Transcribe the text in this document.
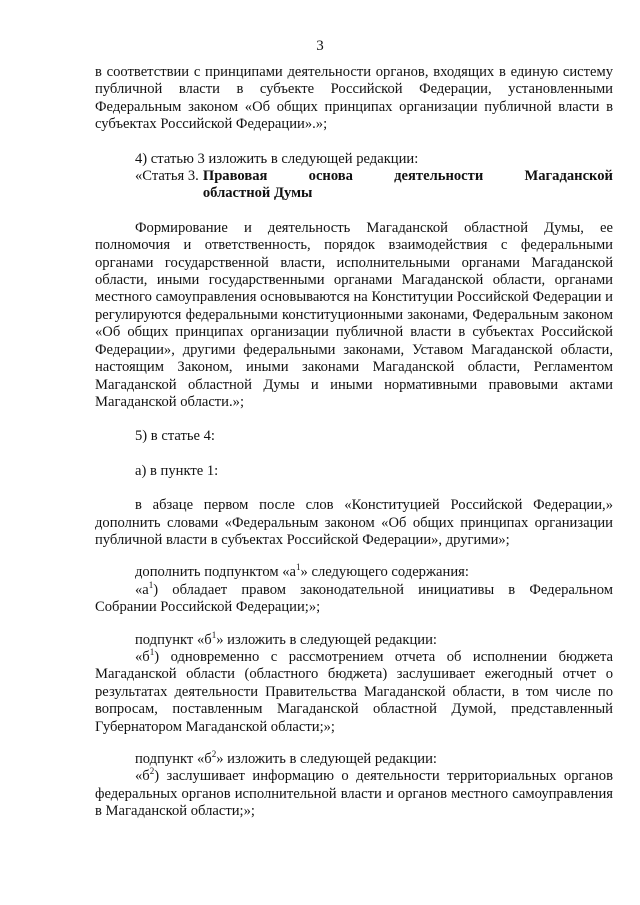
3

в соответствии с принципами деятельности органов, входящих в единую систему публичной власти в субъекте Российской Федерации, установленными Федеральным законом «Об общих принципах организации публичной власти в субъектах Российской Федерации».»;

4) статью 3 изложить в следующей редакции:

«Статья 3. Правовая	основа	деятельности	Магаданской
областной Думы

Формирование и деятельность Магаданской областной Думы, ее полномочия и ответственность, порядок взаимодействия с федеральными органами государственной власти, исполнительными органами Магаданской области, иными государственными органами Магаданской области, органами местного самоуправления основываются на Конституции Российской Федерации и регулируются федеральными конституционными законами, Федеральным законом «Об общих принципах организации публичной власти в субъектах Российской Федерации», другими федеральными законами, Уставом Магаданской области, настоящим Законом, иными законами Магаданской области, Регламентом Магаданской областной Думы и иными нормативными правовыми актами Магаданской области.»;

5) в статье 4:

а) в пункте 1:

в абзаце первом после слов «Конституцией Российской Федерации,» дополнить словами «Федеральным законом «Об общих принципах организации публичной власти в субъектах Российской Федерации», другими»;

дополнить подпунктом «$а^1$» следующего содержания:

«$а^1$) обладает правом законодательной инициативы в Федеральном Собрании Российской Федерации;»;

подпункт «$б^1$» изложить в следующей редакции:

«$б^1$) одновременно с рассмотрением отчета об исполнении бюджета Магаданской области (областного бюджета) заслушивает ежегодный отчет о результатах деятельности Правительства Магаданской области, в том числе по вопросам, поставленным Магаданской областной Думой, представленный Губернатором Магаданской области;»;

подпункт «$б^2$» изложить в следующей редакции:

«$б^2$) заслушивает информацию о деятельности территориальных органов федеральных органов исполнительной власти и органов местного самоуправления в Магаданской области;»;
